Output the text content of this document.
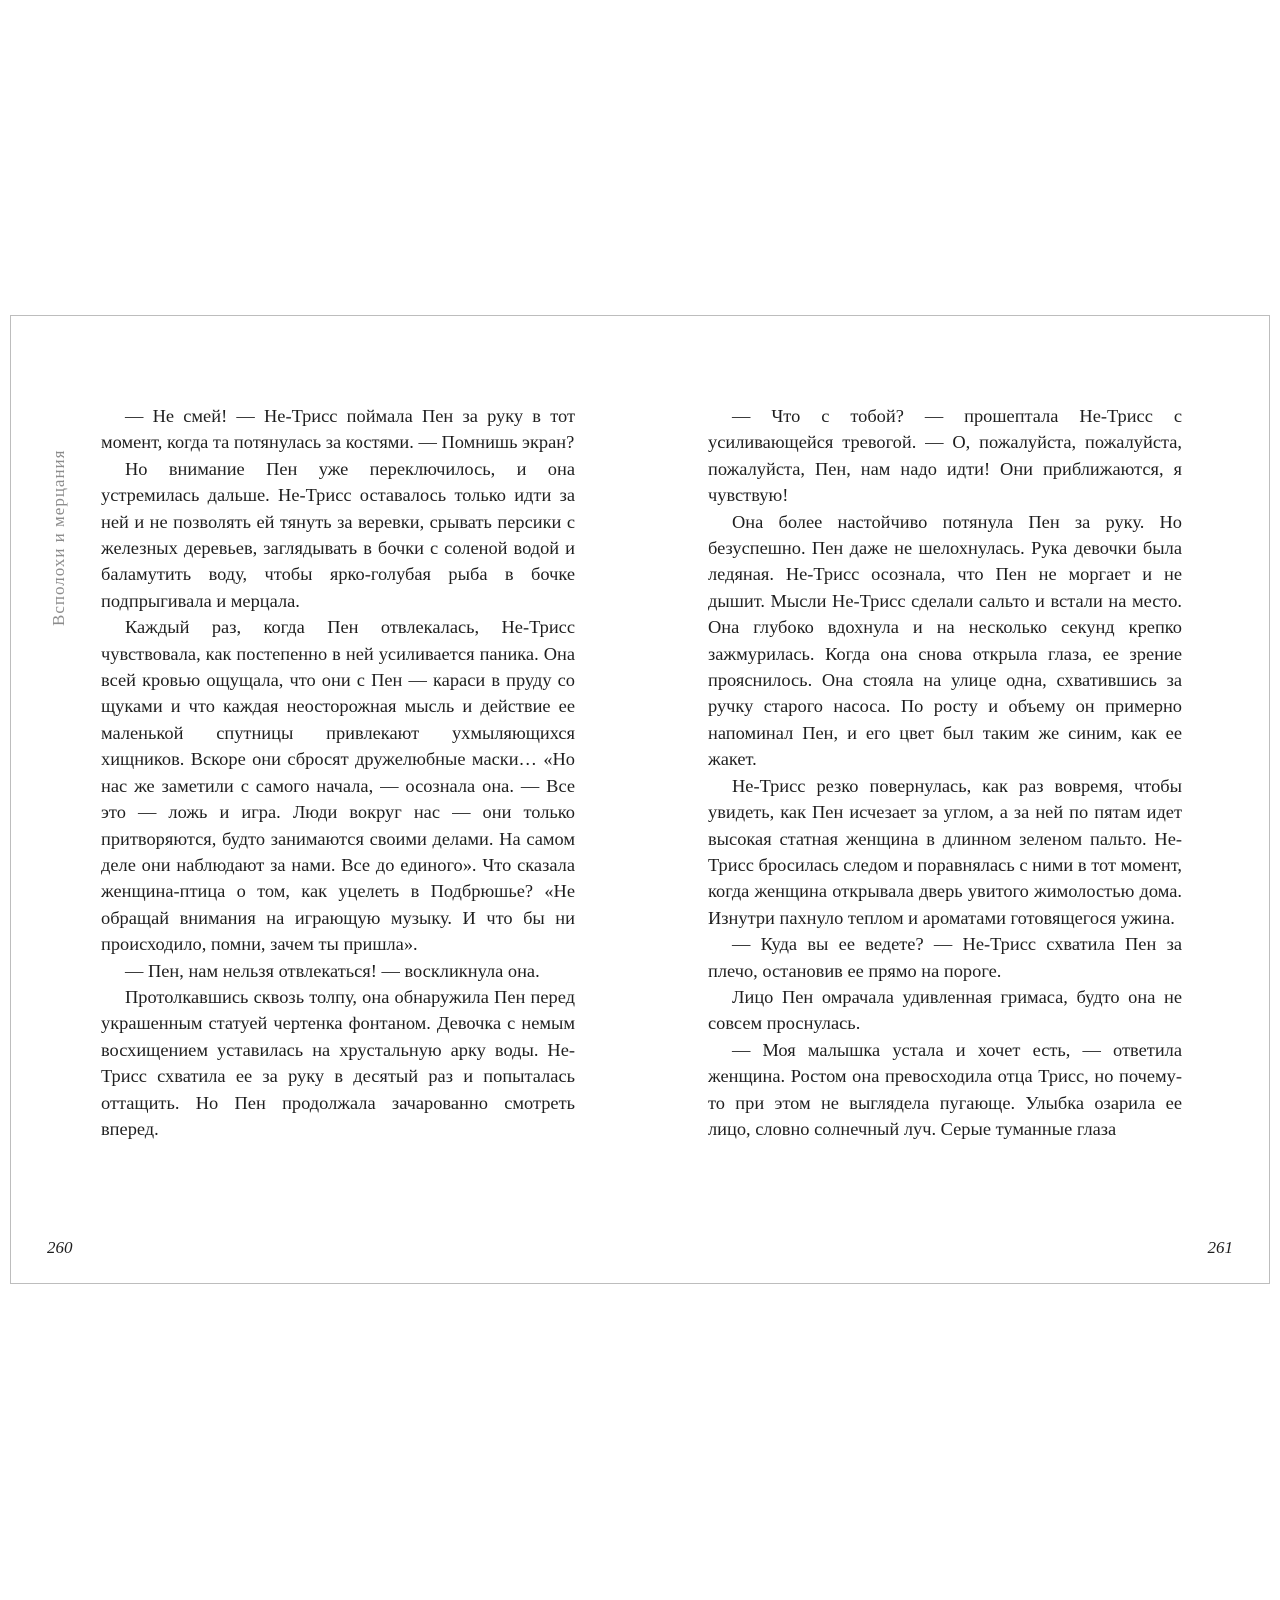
Всполохи и мерцания

— Не смей! — Не-Трисс поймала Пен за руку в тот момент, когда та потянулась за костями. — Помнишь экран?

Но внимание Пен уже переключилось, и она устремилась дальше. Не-Трисс оставалось только идти за ней и не позволять ей тянуть за веревки, срывать персики с железных деревьев, заглядывать в бочки с соленой водой и баламутить воду, чтобы ярко-голубая рыба в бочке подпрыгивала и мерцала.

Каждый раз, когда Пен отвлекалась, Не-Трисс чувствовала, как постепенно в ней усиливается паника. Она всей кровью ощущала, что они с Пен — караси в пруду со щуками и что каждая неосторожная мысль и действие ее маленькой спутницы привлекают ухмыляющихся хищников. Вскоре они сбросят дружелюбные маски… «Но нас же заметили с самого начала, — осознала она. — Все это — ложь и игра. Люди вокруг нас — они только притворяются, будто занимаются своими делами. На самом деле они наблюдают за нами. Все до единого». Что сказала женщина-птица о том, как уцелеть в Подбрюшье? «Не обращай внимания на играющую музыку. И что бы ни происходило, помни, зачем ты пришла».

— Пен, нам нельзя отвлекаться! — воскликнула она.

Протолкавшись сквозь толпу, она обнаружила Пен перед украшенным статуей чертенка фонтаном. Девочка с немым восхищением уставилась на хрустальную арку воды. Не-Трисс схватила ее за руку в десятый раз и попыталась оттащить. Но Пен продолжала зачарованно смотреть вперед.

— Что с тобой? — прошептала Не-Трисс с усиливающейся тревогой. — О, пожалуйста, пожалуйста, пожалуйста, Пен, нам надо идти! Они приближаются, я чувствую!

Она более настойчиво потянула Пен за руку. Но безуспешно. Пен даже не шелохнулась. Рука девочки была ледяная. Не-Трисс осознала, что Пен не моргает и не дышит. Мысли Не-Трисс сделали сальто и встали на место. Она глубоко вдохнула и на несколько секунд крепко зажмурилась. Когда она снова открыла глаза, ее зрение прояснилось. Она стояла на улице одна, схватившись за ручку старого насоса. По росту и объему он примерно напоминал Пен, и его цвет был таким же синим, как ее жакет.

Не-Трисс резко повернулась, как раз вовремя, чтобы увидеть, как Пен исчезает за углом, а за ней по пятам идет высокая статная женщина в длинном зеленом пальто. Не-Трисс бросилась следом и поравнялась с ними в тот момент, когда женщина открывала дверь увитого жимолостью дома. Изнутри пахнуло теплом и ароматами готовящегося ужина.

— Куда вы ее ведете? — Не-Трисс схватила Пен за плечо, остановив ее прямо на пороге.

Лицо Пен омрачала удивленная гримаса, будто она не совсем проснулась.

— Моя малышка устала и хочет есть, — ответила женщина. Ростом она превосходила отца Трисс, но почему-то при этом не выглядела пугающе. Улыбка озарила ее лицо, словно солнечный луч. Серые туманные глаза

260	261
